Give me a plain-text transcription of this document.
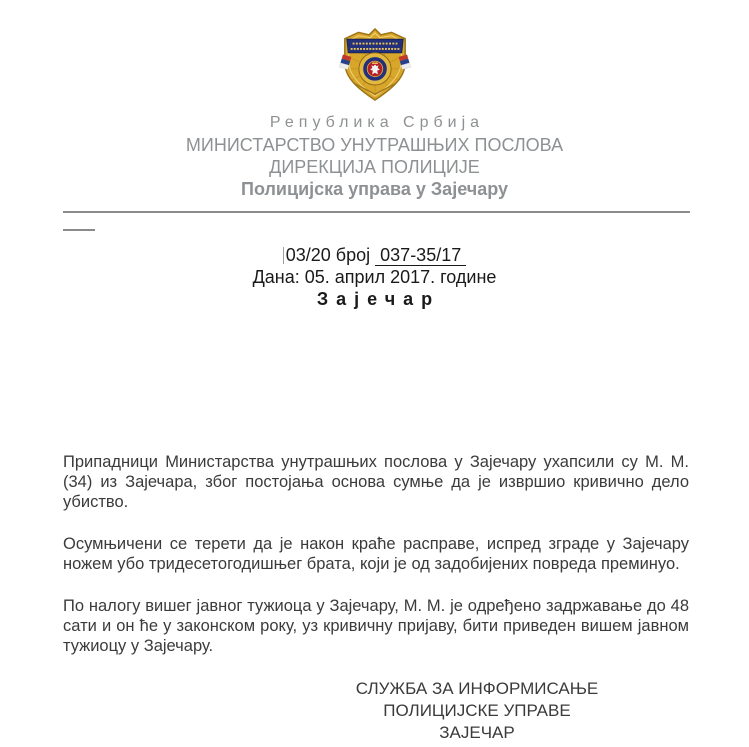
Република Србија
МИНИСТАРСТВО УНУТРАШЊИХ ПОСЛОВА
ДИРЕКЦИЈА ПОЛИЦИЈЕ
Полицијска управа у Зајечару
03/20 број 037-35/17
Дана: 05. април 2017. године
Зајечар

Припадници Министарства унутрашњих послова у Зајечару ухапсили су М. М. (34) из Зајечара, због постојања основа сумње да је извршио кривично дело убиство.

Осумњичени се терети да је након краће расправе, испред зграде у Зајечару ножем убо тридесетогодишњег брата, који је од задобијених повреда преминуо.

По налогу вишег јавног тужиоца у Зајечару, М. М. је одређено задржавање до 48 сати и он ће у законском року, уз кривичну пријаву, бити приведен вишем јавном тужиоцу у Зајечару.

СЛУЖБА ЗА ИНФОРМИСАЊЕ
ПОЛИЦИЈСКЕ УПРАВЕ ЗАЈЕЧАР
